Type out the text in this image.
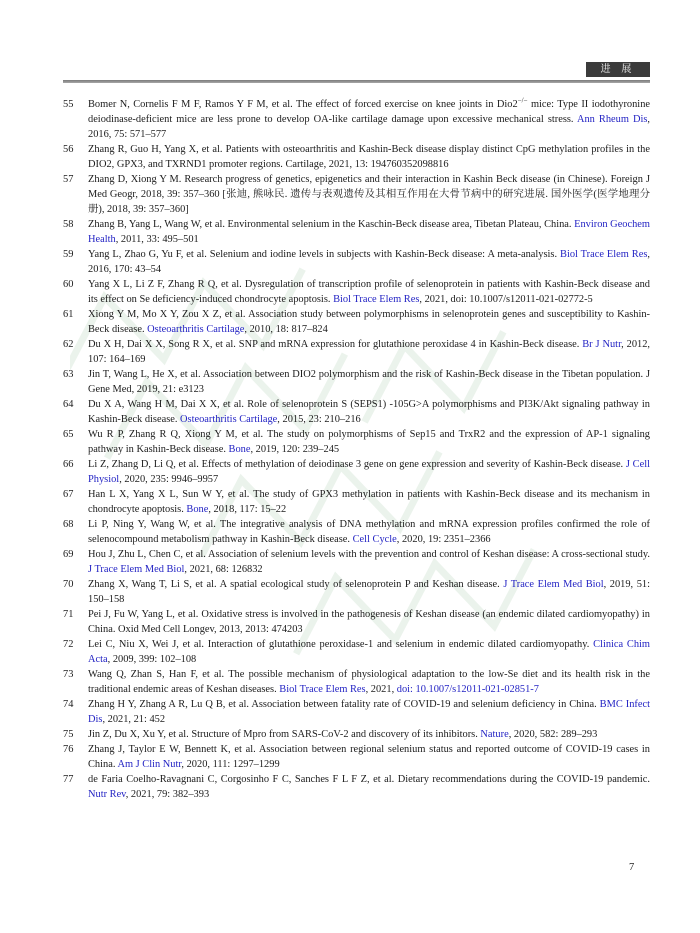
进 展
55	Bomer N, Cornelis F M F, Ramos Y F M, et al. The effect of forced exercise on knee joints in Dio2−/− mice: Type II iodothyronine deiodinase-deficient mice are less prone to develop OA-like cartilage damage upon excessive mechanical stress. Ann Rheum Dis, 2016, 75: 571–577
56	Zhang R, Guo H, Yang X, et al. Patients with osteoarthritis and Kashin-Beck disease display distinct CpG methylation profiles in the DIO2, GPX3, and TXRND1 promoter regions. Cartilage, 2021, 13: 194760352098816
57	Zhang D, Xiong Y M. Research progress of genetics, epigenetics and their interaction in Kashin Beck disease (in Chinese). Foreign J Med Geogr, 2018, 39: 357–360 [张迪, 熊咏民. 遗传与表观遗传及其相互作用在大骨节病中的研究进展. 国外医学(医学地理分册), 2018, 39: 357–360]
58	Zhang B, Yang L, Wang W, et al. Environmental selenium in the Kaschin-Beck disease area, Tibetan Plateau, China. Environ Geochem Health, 2011, 33: 495–501
59	Yang L, Zhao G, Yu F, et al. Selenium and iodine levels in subjects with Kashin-Beck disease: A meta-analysis. Biol Trace Elem Res, 2016, 170: 43–54
60	Yang X L, Li Z F, Zhang R Q, et al. Dysregulation of transcription profile of selenoprotein in patients with Kashin-Beck disease and its effect on Se deficiency-induced chondrocyte apoptosis. Biol Trace Elem Res, 2021, doi: 10.1007/s12011-021-02772-5
61	Xiong Y M, Mo X Y, Zou X Z, et al. Association study between polymorphisms in selenoprotein genes and susceptibility to Kashin-Beck disease. Osteoarthritis Cartilage, 2010, 18: 817–824
62	Du X H, Dai X X, Song R X, et al. SNP and mRNA expression for glutathione peroxidase 4 in Kashin-Beck disease. Br J Nutr, 2012, 107: 164–169
63	Jin T, Wang L, He X, et al. Association between DIO2 polymorphism and the risk of Kashin-Beck disease in the Tibetan population. J Gene Med, 2019, 21: e3123
64	Du X A, Wang H M, Dai X X, et al. Role of selenoprotein S (SEPS1) -105G>A polymorphisms and PI3K/Akt signaling pathway in Kashin-Beck disease. Osteoarthritis Cartilage, 2015, 23: 210–216
65	Wu R P, Zhang R Q, Xiong Y M, et al. The study on polymorphisms of Sep15 and TrxR2 and the expression of AP-1 signaling pathway in Kashin-Beck disease. Bone, 2019, 120: 239–245
66	Li Z, Zhang D, Li Q, et al. Effects of methylation of deiodinase 3 gene on gene expression and severity of Kashin-Beck disease. J Cell Physiol, 2020, 235: 9946–9957
67	Han L X, Yang X L, Sun W Y, et al. The study of GPX3 methylation in patients with Kashin-Beck disease and its mechanism in chondrocyte apoptosis. Bone, 2018, 117: 15–22
68	Li P, Ning Y, Wang W, et al. The integrative analysis of DNA methylation and mRNA expression profiles confirmed the role of selenocompound metabolism pathway in Kashin-Beck disease. Cell Cycle, 2020, 19: 2351–2366
69	Hou J, Zhu L, Chen C, et al. Association of selenium levels with the prevention and control of Keshan disease: A cross-sectional study. J Trace Elem Med Biol, 2021, 68: 126832
70	Zhang X, Wang T, Li S, et al. A spatial ecological study of selenoprotein P and Keshan disease. J Trace Elem Med Biol, 2019, 51: 150–158
71	Pei J, Fu W, Yang L, et al. Oxidative stress is involved in the pathogenesis of Keshan disease (an endemic dilated cardiomyopathy) in China. Oxid Med Cell Longev, 2013, 2013: 474203
72	Lei C, Niu X, Wei J, et al. Interaction of glutathione peroxidase-1 and selenium in endemic dilated cardiomyopathy. Clinica Chim Acta, 2009, 399: 102–108
73	Wang Q, Zhan S, Han F, et al. The possible mechanism of physiological adaptation to the low-Se diet and its health risk in the traditional endemic areas of Keshan diseases. Biol Trace Elem Res, 2021, doi: 10.1007/s12011-021-02851-7
74	Zhang H Y, Zhang A R, Lu Q B, et al. Association between fatality rate of COVID-19 and selenium deficiency in China. BMC Infect Dis, 2021, 21: 452
75	Jin Z, Du X, Xu Y, et al. Structure of Mpro from SARS-CoV-2 and discovery of its inhibitors. Nature, 2020, 582: 289–293
76	Zhang J, Taylor E W, Bennett K, et al. Association between regional selenium status and reported outcome of COVID-19 cases in China. Am J Clin Nutr, 2020, 111: 1297–1299
77	de Faria Coelho-Ravagnani C, Corgosinho F C, Sanches F L F Z, et al. Dietary recommendations during the COVID-19 pandemic. Nutr Rev, 2021, 79: 382–393
7
